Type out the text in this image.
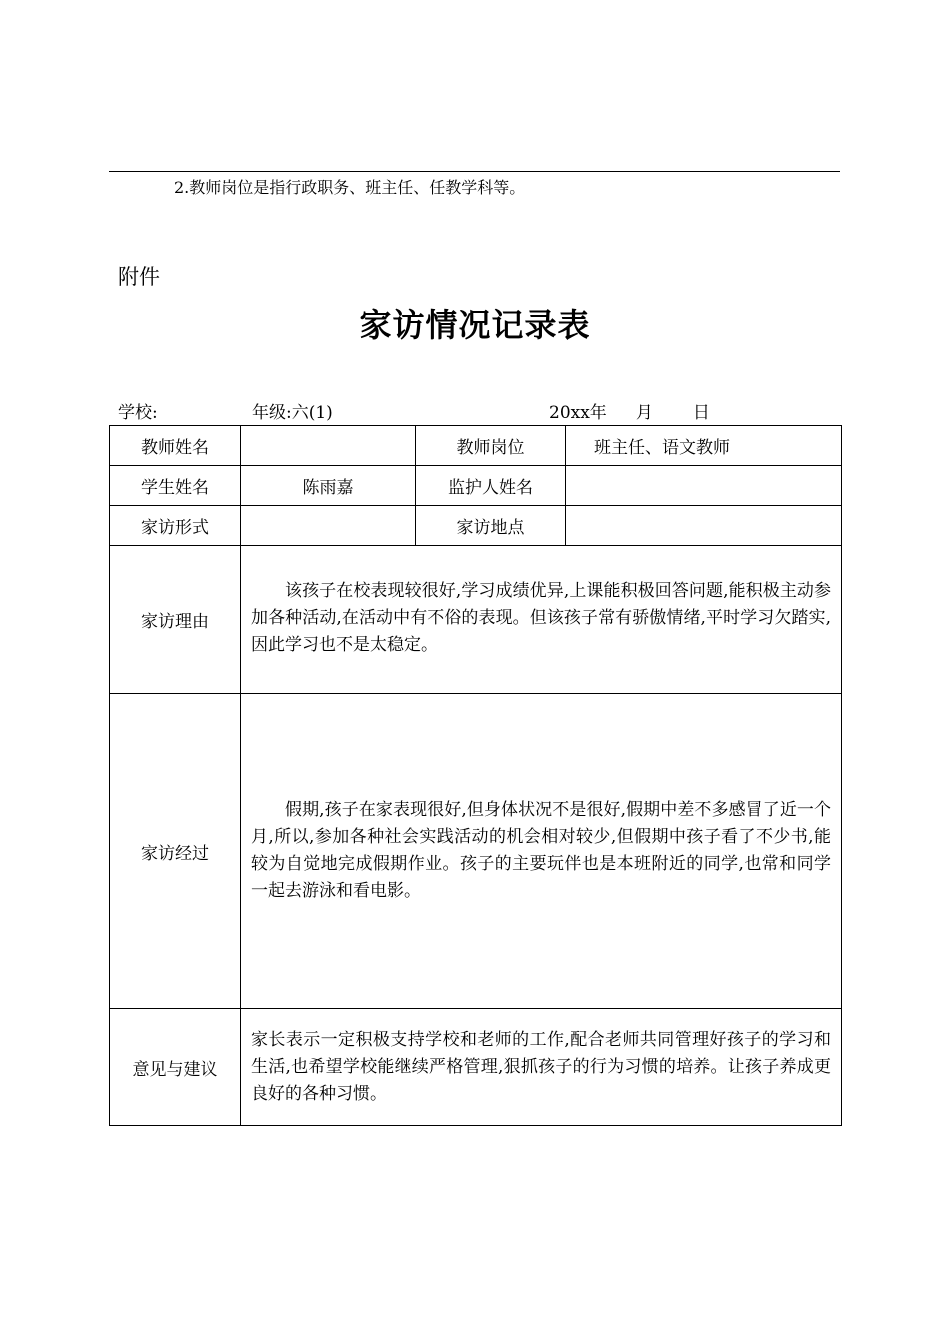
2.教师岗位是指行政职务、班主任、任教学科等。
附件
家访情况记录表
学校:	年级:六(1)	20xx年 月 日
教师姓名		教师岗位	班主任、语文教师
学生姓名	陈雨嘉	监护人姓名	
家访形式		家访地点	
家访理由	该孩子在校表现较很好,学习成绩优异,上课能积极回答问题,能积极主动参加各种活动,在活动中有不俗的表现。但该孩子常有骄傲情绪,平时学习欠踏实,因此学习也不是太稳定。		

家访经过	假期,孩子在家表现很好,但身体状况不是很好,假期中差不多感冒了近一个月,所以,参加各种社会实践活动的机会相对较少,但假期中孩子看了不少书,能较为自觉地完成假期作业。孩子的主要玩伴也是本班附近的同学,也常和同学一起去游泳和看电影。		

意见与建议	家长表示一定积极支持学校和老师的工作,配合老师共同管理好孩子的学习和生活,也希望学校能继续严格管理,狠抓孩子的行为习惯的培养。让孩子养成更良好的各种习惯。		
